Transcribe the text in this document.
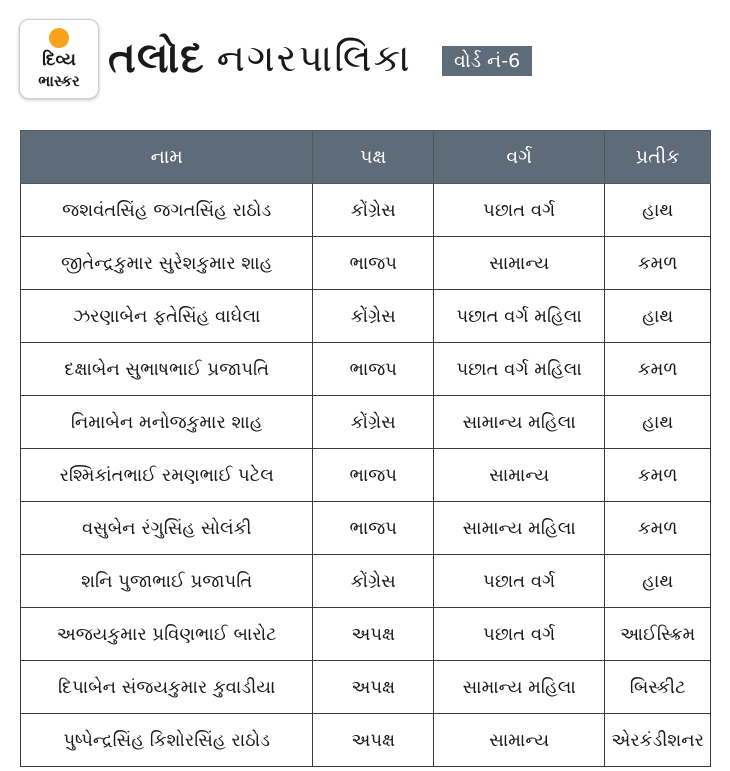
દિવ્ય
ભાસ્કર તલોદ નગરપાલિકા	વોર્ડ નં-6
નામ	પક્ષ	વર્ગ	પ્રતીક
જશવંતસિંહ જગતસિંહ રાઠોડ	કોંગ્રેસ	પછાત વર્ગ	હાથ
જીતેન્દ્રકુમાર સુરેશકુમાર શાહ	ભાજપ	સામાન્ય	કમળ
ઝરણાબેન ફતેસિંહ વાઘેલા	કોંગ્રેસ	પછાત વર્ગ મહિલા	હાથ
દક્ષાબેન સુભાષભાઈ પ્રજાપતિ	ભાજપ	પછાત વર્ગ મહિલા	કમળ
નિમાબેન મનોજકુમાર શાહ	કોંગ્રેસ	સામાન્ય મહિલા	હાથ
રશ્મિકાંતભાઈ રમણભાઈ પટેલ	ભાજપ	સામાન્ય	કમળ
વસુબેન રંગુસિંહ સોલંકી	ભાજપ	સામાન્ય મહિલા	કમળ
શનિ પુજાભાઈ પ્રજાપતિ	કોંગ્રેસ	પછાત વર્ગ	હાથ
અજયકુમાર પ્રવિણભાઈ બારોટ	અપક્ષ	પછાત વર્ગ	આઈસ્ક્રિમ
દિપાબેન સંજયકુમાર કુવાડીયા	અપક્ષ	સામાન્ય મહિલા	બિસ્કીટ
પુષ્પેન્દ્રસિંહ કિશોરસિંહ રાઠોડ	અપક્ષ	સામાન્ય	એરકંડીશનર
